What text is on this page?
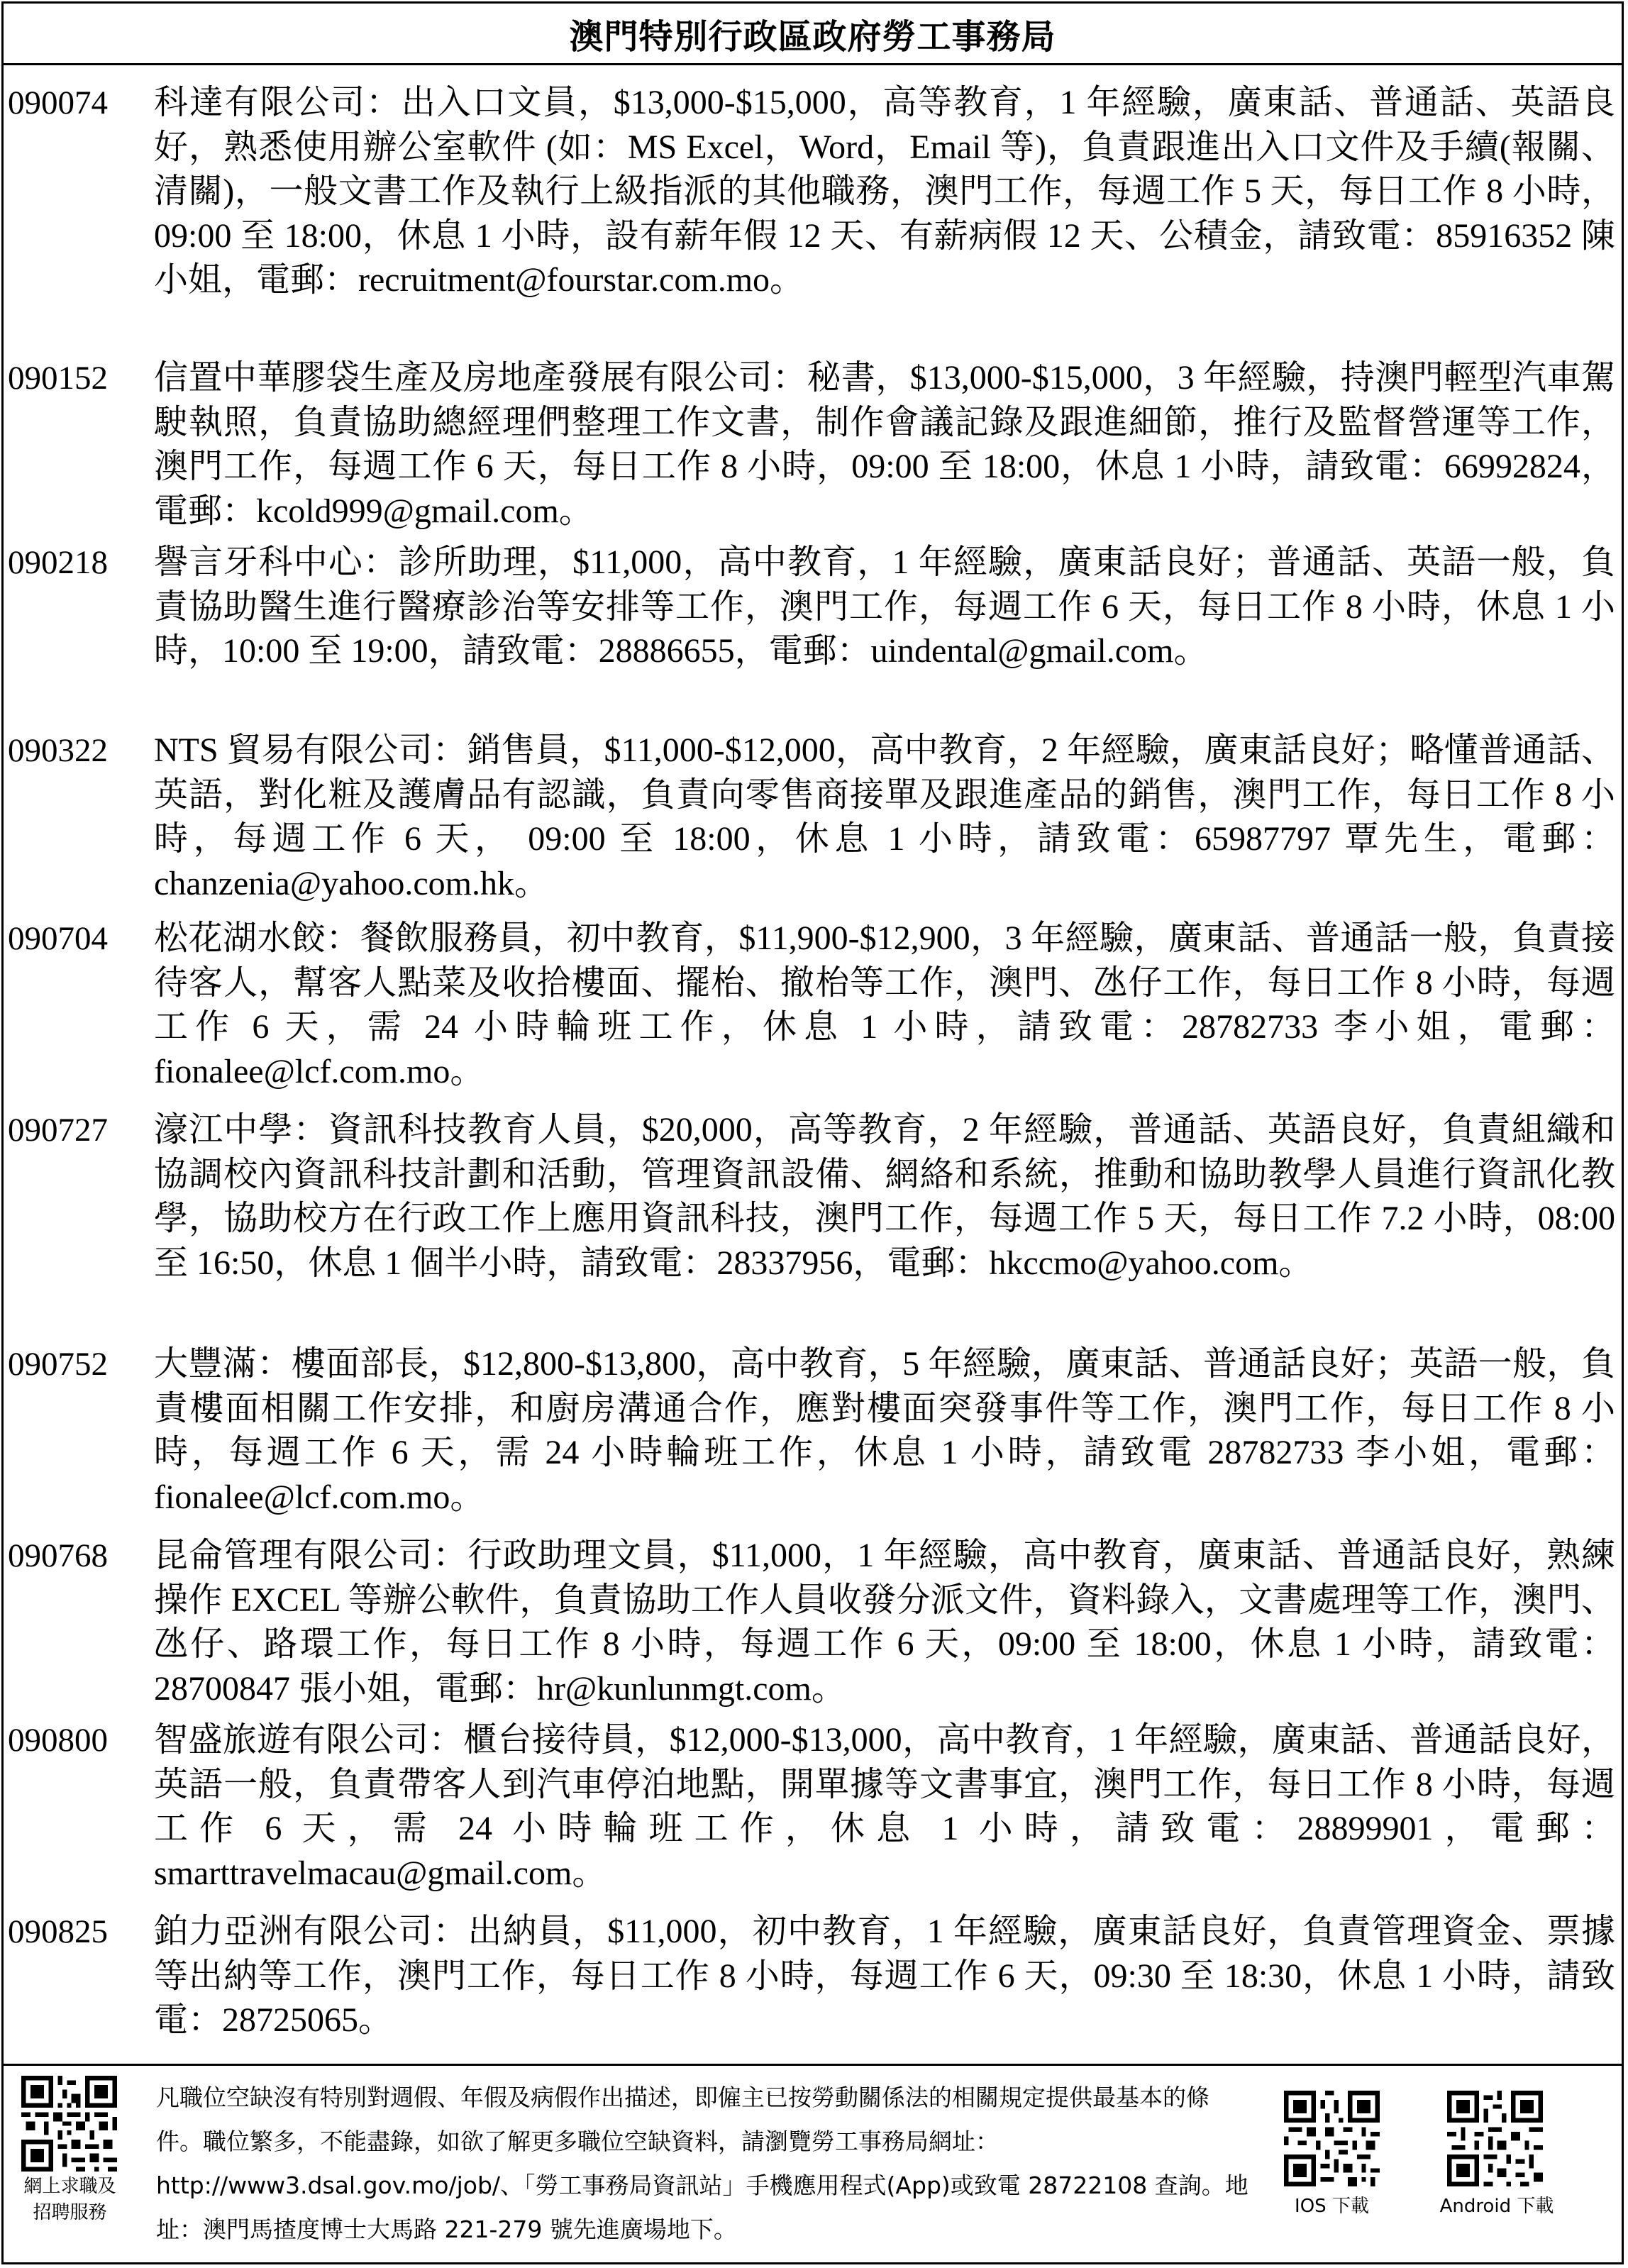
澳門特別行政區政府勞工事務局
090074	科達有限公司：出入口文員，$13,000-$15,000，高等教育，1 年經驗，廣東話、普通話、英語良好，熟悉使用辦公室軟件 (如：MS Excel，Word，Email 等)，負責跟進出入口文件及手續(報關、清關)，一般文書工作及執行上級指派的其他職務，澳門工作，每週工作 5 天，每日工作 8 小時，09:00 至 18:00，休息 1 小時，設有薪年假 12 天、有薪病假 12 天、公積金，請致電：85916352 陳小姐，電郵：recruitment@fourstar.com.mo。
090152	信置中華膠袋生產及房地產發展有限公司：秘書，$13,000-$15,000，3 年經驗，持澳門輕型汽車駕駛執照，負責協助總經理們整理工作文書，制作會議記錄及跟進細節，推行及監督營運等工作，澳門工作，每週工作 6 天，每日工作 8 小時，09:00 至 18:00，休息 1 小時，請致電：66992824，電郵：kcold999@gmail.com。
090218	譽言牙科中心：診所助理，$11,000，高中教育，1 年經驗，廣東話良好；普通話、英語一般，負責協助醫生進行醫療診治等安排等工作，澳門工作，每週工作 6 天，每日工作 8 小時，休息 1 小時，10:00 至 19:00，請致電：28886655，電郵：uindental@gmail.com。
090322	NTS 貿易有限公司：銷售員，$11,000-$12,000，高中教育，2 年經驗，廣東話良好；略懂普通話、英語，對化粧及護膚品有認識，負責向零售商接單及跟進產品的銷售，澳門工作，每日工作 8 小時，每週工作 6 天， 09:00 至 18:00，休息 1 小時，請致電：65987797 覃先生，電郵：chanzenia@yahoo.com.hk。
090704	松花湖水餃：餐飲服務員，初中教育，$11,900-$12,900，3 年經驗，廣東話、普通話一般，負責接待客人，幫客人點菜及收拾樓面、擺枱、撤枱等工作，澳門、氹仔工作，每日工作 8 小時，每週工作 6 天，需 24 小時輪班工作，休息 1 小時，請致電：28782733 李小姐，電郵：fionalee@lcf.com.mo。
090727	濠江中學：資訊科技教育人員，$20,000，高等教育，2 年經驗，普通話、英語良好，負責組織和協調校內資訊科技計劃和活動，管理資訊設備、網絡和系統，推動和協助教學人員進行資訊化教學，協助校方在行政工作上應用資訊科技，澳門工作，每週工作 5 天，每日工作 7.2 小時，08:00 至 16:50，休息 1 個半小時，請致電：28337956，電郵：hkccmo@yahoo.com。
090752	大豐滿：樓面部長，$12,800-$13,800，高中教育，5 年經驗，廣東話、普通話良好；英語一般，負責樓面相關工作安排，和廚房溝通合作，應對樓面突發事件等工作，澳門工作，每日工作 8 小時，每週工作 6 天，需 24 小時輪班工作，休息 1 小時，請致電 28782733 李小姐，電郵：fionalee@lcf.com.mo。
090768	昆侖管理有限公司：行政助理文員，$11,000，1 年經驗，高中教育，廣東話、普通話良好，熟練操作 EXCEL 等辦公軟件，負責協助工作人員收發分派文件，資料錄入，文書處理等工作，澳門、氹仔、路環工作，每日工作 8 小時，每週工作 6 天，09:00 至 18:00，休息 1 小時，請致電：28700847 張小姐，電郵：hr@kunlunmgt.com。
090800	智盛旅遊有限公司：櫃台接待員，$12,000-$13,000，高中教育，1 年經驗，廣東話、普通話良好，英語一般，負責帶客人到汽車停泊地點，開單據等文書事宜，澳門工作，每日工作 8 小時，每週工作 6 天，需 24 小時輪班工作，休息 1 小時，請致電：28899901，電郵：smarttravelmacau@gmail.com。
090825	鉑力亞洲有限公司：出納員，$11,000，初中教育，1 年經驗，廣東話良好，負責管理資金、票據等出納等工作，澳門工作，每日工作 8 小時，每週工作 6 天，09:30 至 18:30，休息 1 小時，請致電：28725065。
網上求職及
招聘服務
凡職位空缺沒有特別對週假、年假及病假作出描述，即僱主已按勞動關係法的相關規定提供最基本的條件。職位繁多，不能盡錄，如欲了解更多職位空缺資料，請瀏覽勞工事務局網址：http://www3.dsal.gov.mo/job/、「勞工事務局資訊站」手機應用程式(App)或致電 28722108 查詢。地址：澳門馬揸度博士大馬路 221-279 號先進廣場地下。
IOS 下載	Android 下載
